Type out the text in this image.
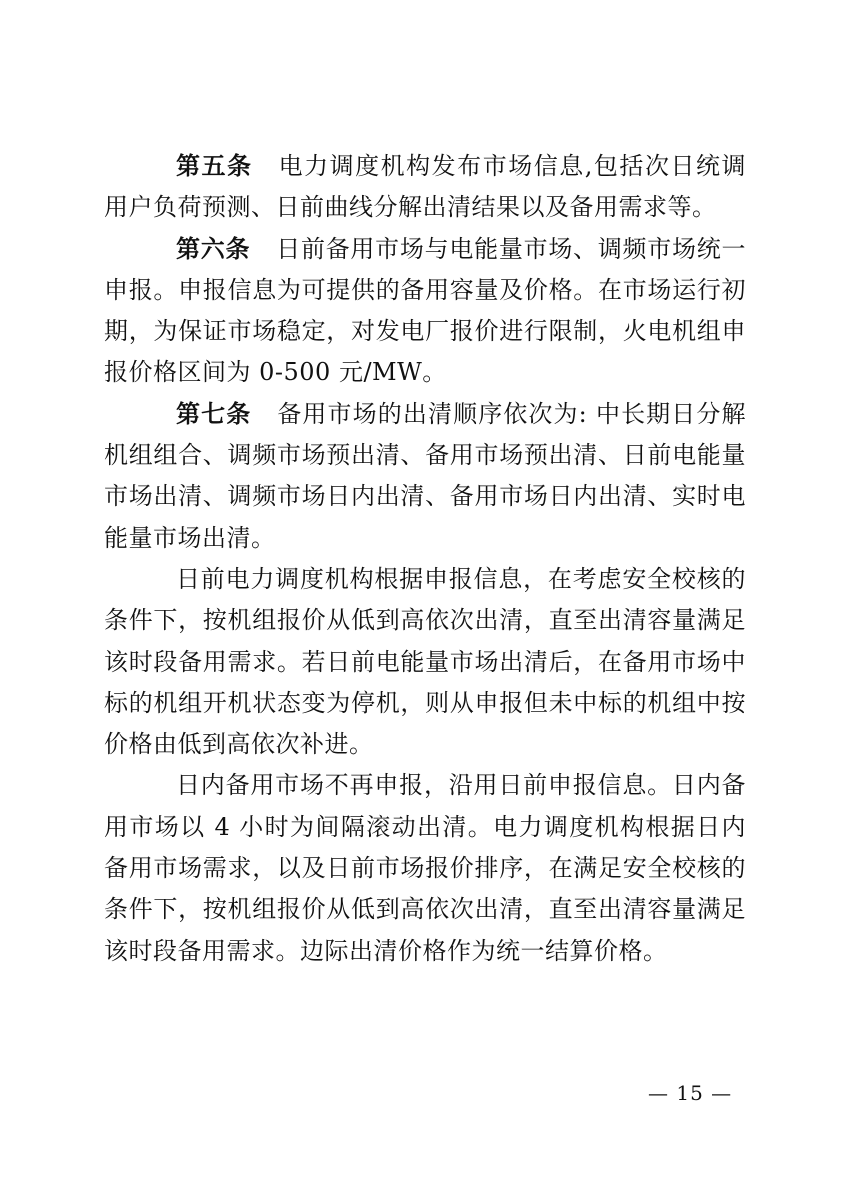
第五条 电力调度机构发布市场信息,包括次日统调用户负荷预测、日前曲线分解出清结果以及备用需求等。

第六条 日前备用市场与电能量市场、调频市场统一申报。申报信息为可提供的备用容量及价格。在市场运行初期，为保证市场稳定，对发电厂报价进行限制，火电机组申报价格区间为 0-500 元/MW。

第七条 备用市场的出清顺序依次为: 中长期日分解机组组合、调频市场预出清、备用市场预出清、日前电能量市场出清、调频市场日内出清、备用市场日内出清、实时电能量市场出清。

日前电力调度机构根据申报信息，在考虑安全校核的条件下，按机组报价从低到高依次出清，直至出清容量满足该时段备用需求。若日前电能量市场出清后，在备用市场中标的机组开机状态变为停机，则从申报但未中标的机组中按价格由低到高依次补进。

日内备用市场不再申报，沿用日前申报信息。日内备用市场以 4 小时为间隔滚动出清。电力调度机构根据日内备用市场需求，以及日前市场报价排序，在满足安全校核的条件下，按机组报价从低到高依次出清，直至出清容量满足该时段备用需求。边际出清价格作为统一结算价格。

— 15 —
